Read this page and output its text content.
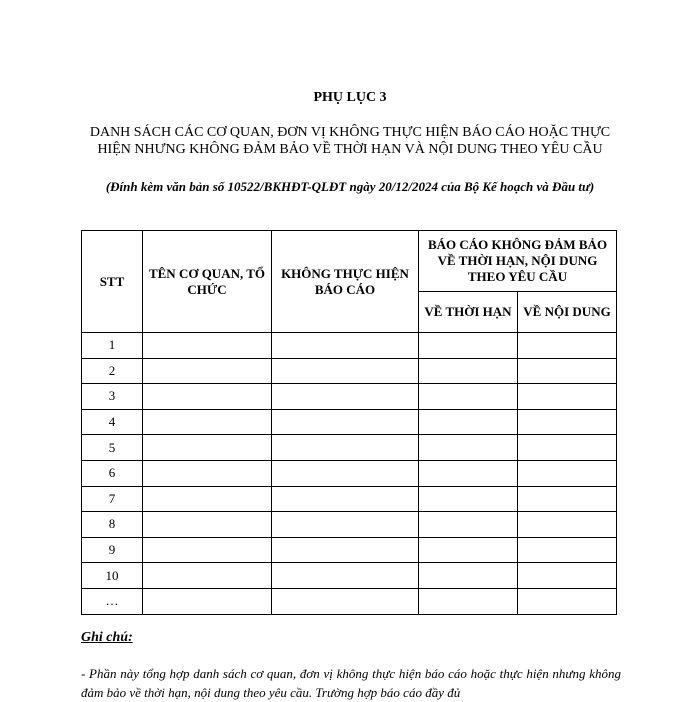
PHỤ LỤC 3
DANH SÁCH CÁC CƠ QUAN, ĐƠN VỊ KHÔNG THỰC HIỆN BÁO CÁO HOẶC THỰC HIỆN NHƯNG KHÔNG ĐẢM BẢO VỀ THỜI HẠN VÀ NỘI DUNG THEO YÊU CẦU
(Đính kèm văn bản số 10522/BKHĐT-QLĐT ngày 20/12/2024 của Bộ Kế hoạch và Đầu tư)
STT	TÊN CƠ QUAN, TỔ CHỨC	KHÔNG THỰC HIỆN BÁO CÁO	BÁO CÁO KHÔNG ĐẢM BẢO VỀ THỜI HẠN, NỘI DUNG THEO YÊU CẦU	
			VỀ THỜI HẠN	VỀ NỘI DUNG
1				
2				
3				
4				
5				
6				
7				
8				
9				
10				
…				
Ghi chú:
- Phần này tổng hợp danh sách cơ quan, đơn vị không thực hiện báo cáo hoặc thực hiện nhưng không đảm bảo về thời hạn, nội dung theo yêu cầu. Trường hợp báo cáo đầy đủ
